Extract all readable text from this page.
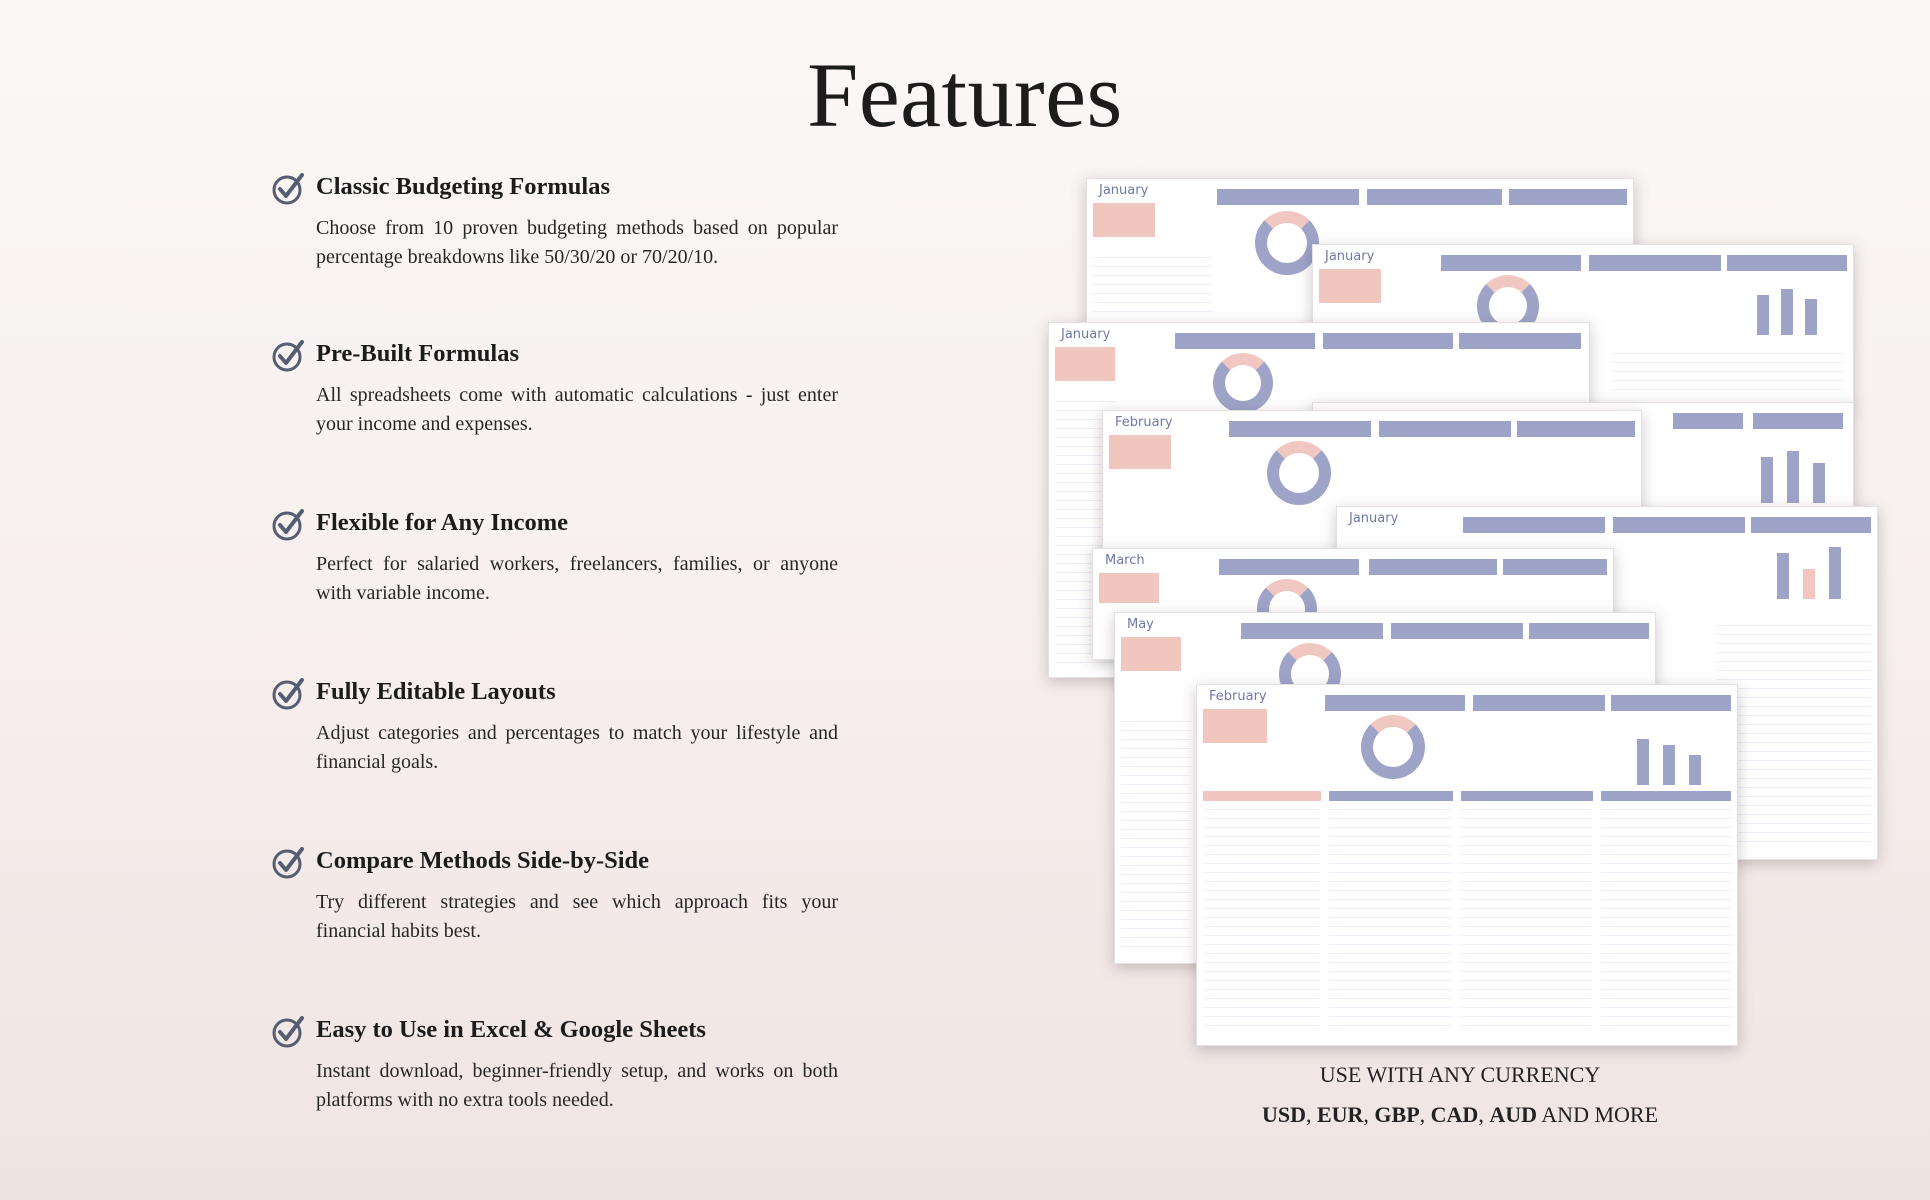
Features
Classic Budgeting Formulas

Choose from 10 proven budgeting methods based on popular percentage breakdowns like 50/30/20 or 70/20/10.

Pre-Built Formulas

All spreadsheets come with automatic calculations - just enter your income and expenses.

Flexible for Any Income

Perfect for salaried workers, freelancers, families, or anyone with variable income.

Fully Editable Layouts

Adjust categories and percentages to match your lifestyle and financial goals.

Compare Methods Side-by-Side

Try different strategies and see which approach fits your financial habits best.

Easy to Use in Excel & Google Sheets

Instant download, beginner-friendly setup, and works on both platforms with no extra tools needed.

January
January
January
February
January
March
May
February
USE WITH ANY CURRENCY
USD, EUR, GBP, CAD, AUD AND MORE
